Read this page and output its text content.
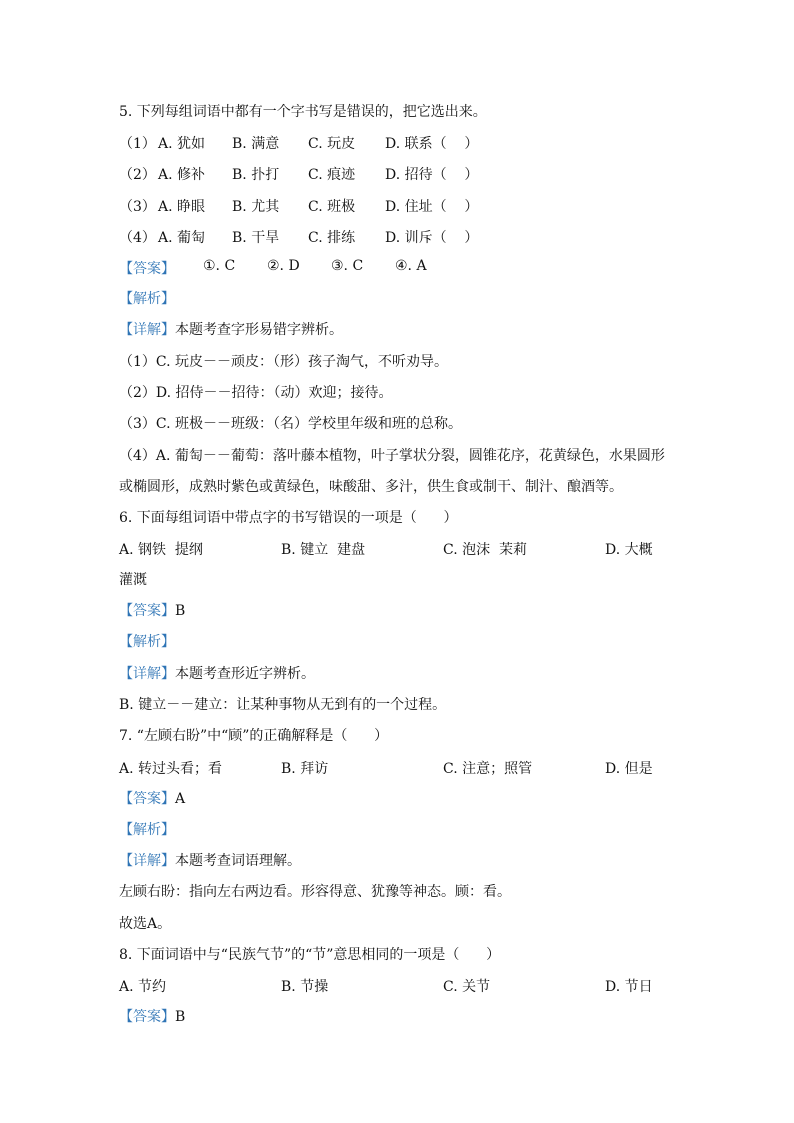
5. 下列每组词语中都有一个字书写是错误的，把它选出来。
（1） A. 犹如 B. 满意 C. 玩皮 D. 联系（    ）
（2） A. 修补 B. 扑打 C. 痕迹 D. 招待（    ）
（3） A. 睁眼 B. 尤其 C. 班极 D. 住址（    ）
（4） A. 葡匋 B. 干旱 C. 排练 D. 训斥（    ）
【答案】 ①. C ②. D ③. C ④. A
【解析】
【详解】本题考查字形易错字辨析。
（1）C. 玩皮－－顽皮：（形）孩子淘气，不听劝导。
（2）D. 招侍－－招待：（动）欢迎；接待。
（3）C. 班极－－班级：（名）学校里年级和班的总称。
（4）A. 葡匋－－葡萄：落叶藤本植物，叶子掌状分裂，圆锥花序，花黄绿色，水果圆形
或椭圆形，成熟时紫色或黄绿色，味酸甜、多汁，供生食或制干、制汁、酿酒等。
6. 下面每组词语中带点字的书写错误的一项是（      ）
A. 钢铁  提纲	B. 键立  建盘	C. 泡沫  茉莉	D. 大概
灌溉
【答案】B
【解析】
【详解】本题考查形近字辨析。
B. 键立－－建立：让某种事物从无到有的一个过程。
7. “左顾右盼”中“顾”的正确解释是（      ）
A. 转过头看；看	B. 拜访	C. 注意；照管	D. 但是
【答案】A
【解析】
【详解】本题考查词语理解。
左顾右盼：指向左右两边看。形容得意、犹豫等神态。顾：看。
故选A。
8. 下面词语中与“民族气节”的“节”意思相同的一项是（      ）
A. 节约	B. 节操	C. 关节	D. 节日
【答案】B
